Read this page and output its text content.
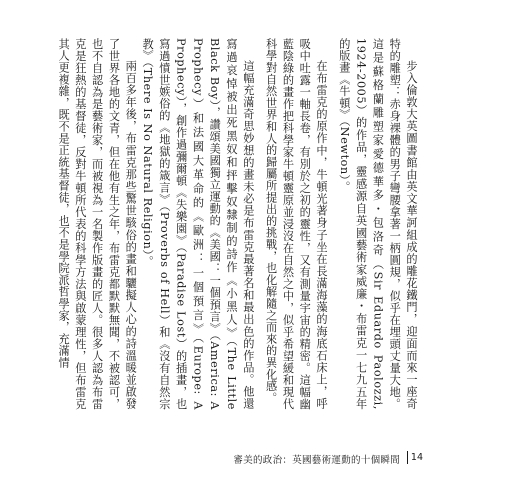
步入倫敦大英圖書館由英文華訶組成的雕花鐵門，迎面而來一座奇特的雕塑：赤身裸體的男子彎腰拿著一柄圓規，似乎在埋頭丈量大地。這是蘇格蘭雕塑家愛德華多・包洛奇（Sir Eduardo Paolozzi, 1924-2005）的作品，靈感源自英國藝術家威廉・布雷克一七九五年的版畫《牛頓》（Newton）。

在布雷克的原作中，牛頓光著身子坐在長滿海藻的海底石床上，呼吸中吐露一軸長卷，有別於之初的靈性，又有測量宇宙的精密。這幅幽藍陰綠的畫作把科學家牛頓靈原並浸沒在自然之中，似乎希望緩和現代科學對自然世界和人的歸屬所提出的挑戰，也化解隨之而來的異化感。

這幅充滿奇思妙想的畫未必是布雷克最著名和最出色的作品。他還寫過哀悼被出死黑奴和抨擊奴隸制的詩作《小黑人》（The Little Black Boy），讚頌美國獨立運動的《美國：一個預言》（America: A Prophecy）和法國大革命的《歐洲：一個預言》（Europe: A Prophecy），創作過彌爾頓《失樂園》（Paradise Lost）的插畫，也寫過憤世嫉俗的《地獄的箴言》（Proverbs of Hell）和《沒有自然宗教》（There Is No Natural Religion）。

兩百多年後，布雷克那些驚世駭俗的畫和驪擬人心的詩溫暖並啟發了世界各地的文青，但在他有生之年，布雷克都默默無聞，不被認可，也不自認為是藝術家，而被視為一名製作版畫的匠人。很多人認為布雷克是狂熱的基督徒，反對牛頓所代表的科學方法與啟蒙理性，但布雷克其人更複雜，既不是正統基督徒，也不是學院派哲學家，充滿情

審美的政治：英國藝術運動的十個瞬間 14
